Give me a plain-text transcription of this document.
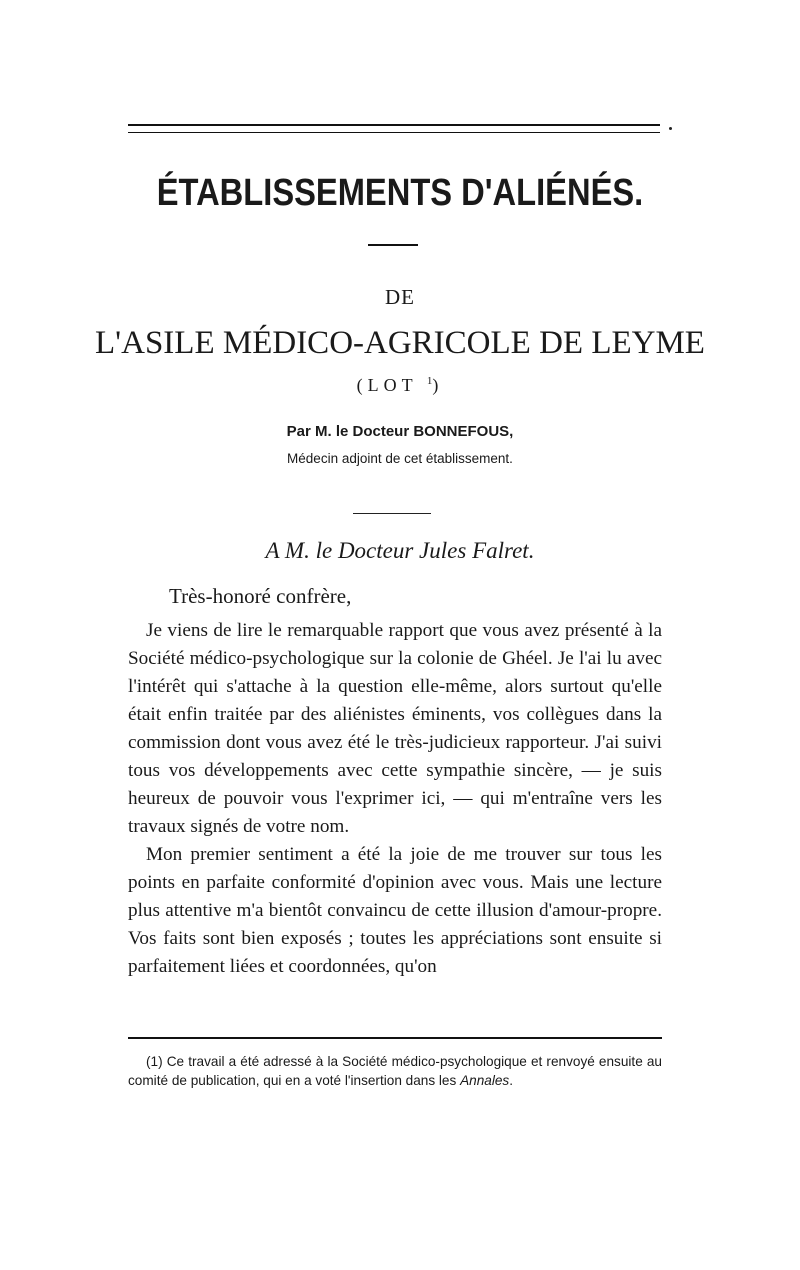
ÉTABLISSEMENTS D'ALIÉNÉS.
DE
L'ASILE MÉDICO-AGRICOLE DE LEYME
(LOT $^1$)
Par M. le Docteur BONNEFOUS,
Médecin adjoint de cet établissement.
A M. le Docteur Jules Falret.
Très-honoré confrère,

Je viens de lire le remarquable rapport que vous avez présenté à la Société médico-psychologique sur la colonie de Ghéel. Je l'ai lu avec l'intérêt qui s'attache à la question elle-même, alors surtout qu'elle était enfin traitée par des aliénistes éminents, vos collègues dans la commission dont vous avez été le très-judicieux rapporteur. J'ai suivi tous vos développements avec cette sympathie sincère, — je suis heureux de pouvoir vous l'exprimer ici, — qui m'entraîne vers les travaux signés de votre nom.

Mon premier sentiment a été la joie de me trouver sur tous les points en parfaite conformité d'opinion avec vous. Mais une lecture plus attentive m'a bientôt convaincu de cette illusion d'amour-propre. Vos faits sont bien exposés ; toutes les appréciations sont ensuite si parfaitement liées et coordonnées, qu'on

(1) Ce travail a été adressé à la Société médico-psychologique et renvoyé ensuite au comité de publication, qui en a voté l'insertion dans les Annales.
